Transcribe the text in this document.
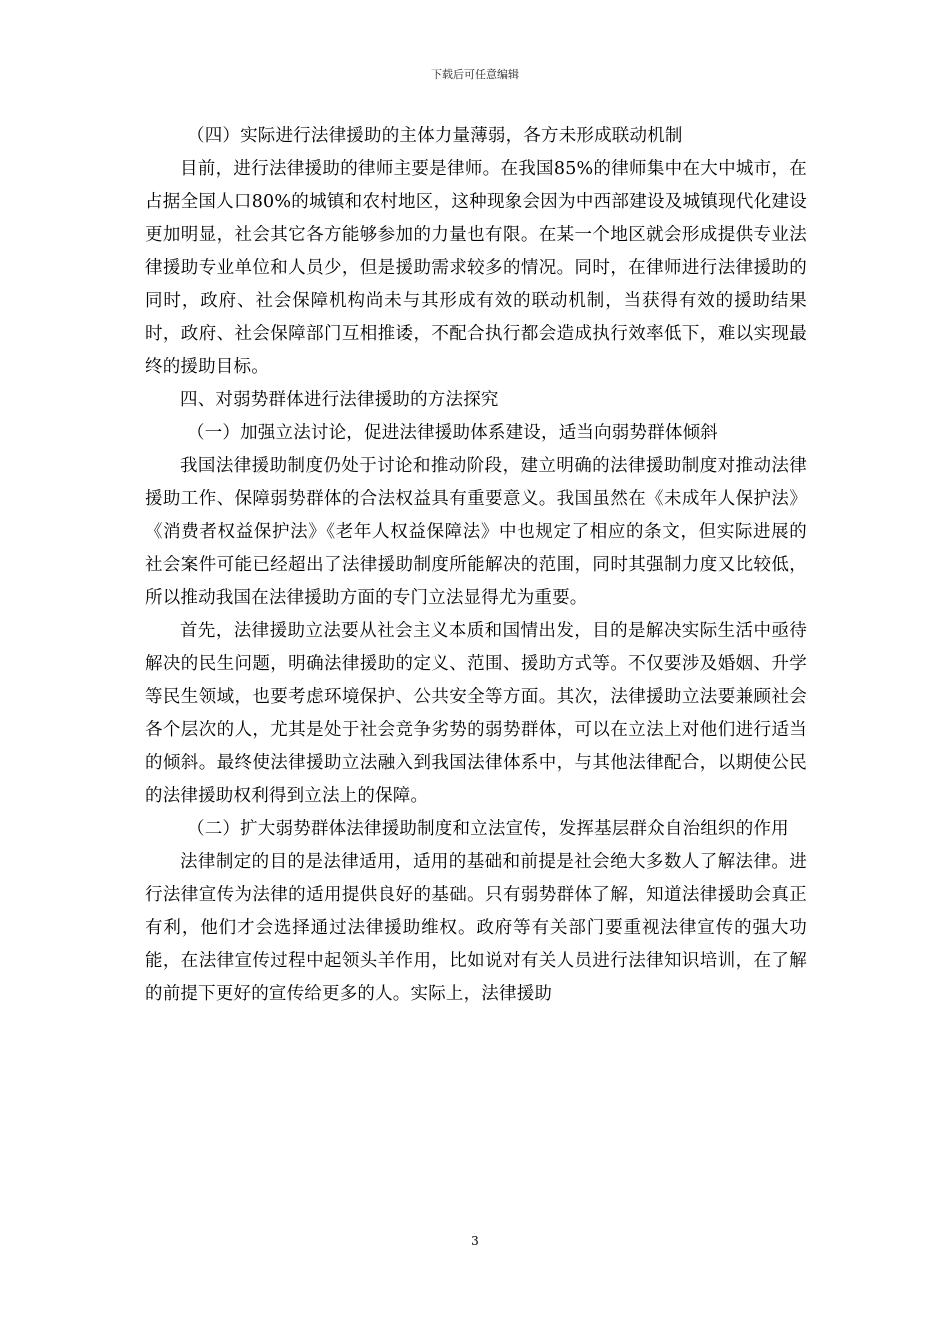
下载后可任意编辑

（四）实际进行法律援助的主体力量薄弱，各方未形成联动机制

目前，进行法律援助的律师主要是律师。在我国85%的律师集中在大中城市，在占据全国人口80%的城镇和农村地区，这种现象会因为中西部建设及城镇现代化建设更加明显，社会其它各方能够参加的力量也有限。在某一个地区就会形成提供专业法律援助专业单位和人员少，但是援助需求较多的情况。同时，在律师进行法律援助的同时，政府、社会保障机构尚未与其形成有效的联动机制，当获得有效的援助结果时，政府、社会保障部门互相推诿，不配合执行都会造成执行效率低下，难以实现最终的援助目标。

四、对弱势群体进行法律援助的方法探究

（一）加强立法讨论，促进法律援助体系建设，适当向弱势群体倾斜

我国法律援助制度仍处于讨论和推动阶段，建立明确的法律援助制度对推动法律援助工作、保障弱势群体的合法权益具有重要意义。我国虽然在《未成年人保护法》《消费者权益保护法》《老年人权益保障法》中也规定了相应的条文，但实际进展的社会案件可能已经超出了法律援助制度所能解决的范围，同时其强制力度又比较低，所以推动我国在法律援助方面的专门立法显得尤为重要。

首先，法律援助立法要从社会主义本质和国情出发，目的是解决实际生活中亟待解决的民生问题，明确法律援助的定义、范围、援助方式等。不仅要涉及婚姻、升学等民生领域，也要考虑环境保护、公共安全等方面。其次，法律援助立法要兼顾社会各个层次的人，尤其是处于社会竞争劣势的弱势群体，可以在立法上对他们进行适当的倾斜。最终使法律援助立法融入到我国法律体系中，与其他法律配合，以期使公民的法律援助权利得到立法上的保障。

（二）扩大弱势群体法律援助制度和立法宣传，发挥基层群众自治组织的作用

法律制定的目的是法律适用，适用的基础和前提是社会绝大多数人了解法律。进行法律宣传为法律的适用提供良好的基础。只有弱势群体了解，知道法律援助会真正有利，他们才会选择通过法律援助维权。政府等有关部门要重视法律宣传的强大功能，在法律宣传过程中起领头羊作用，比如说对有关人员进行法律知识培训，在了解的前提下更好的宣传给更多的人。实际上，法律援助

3
